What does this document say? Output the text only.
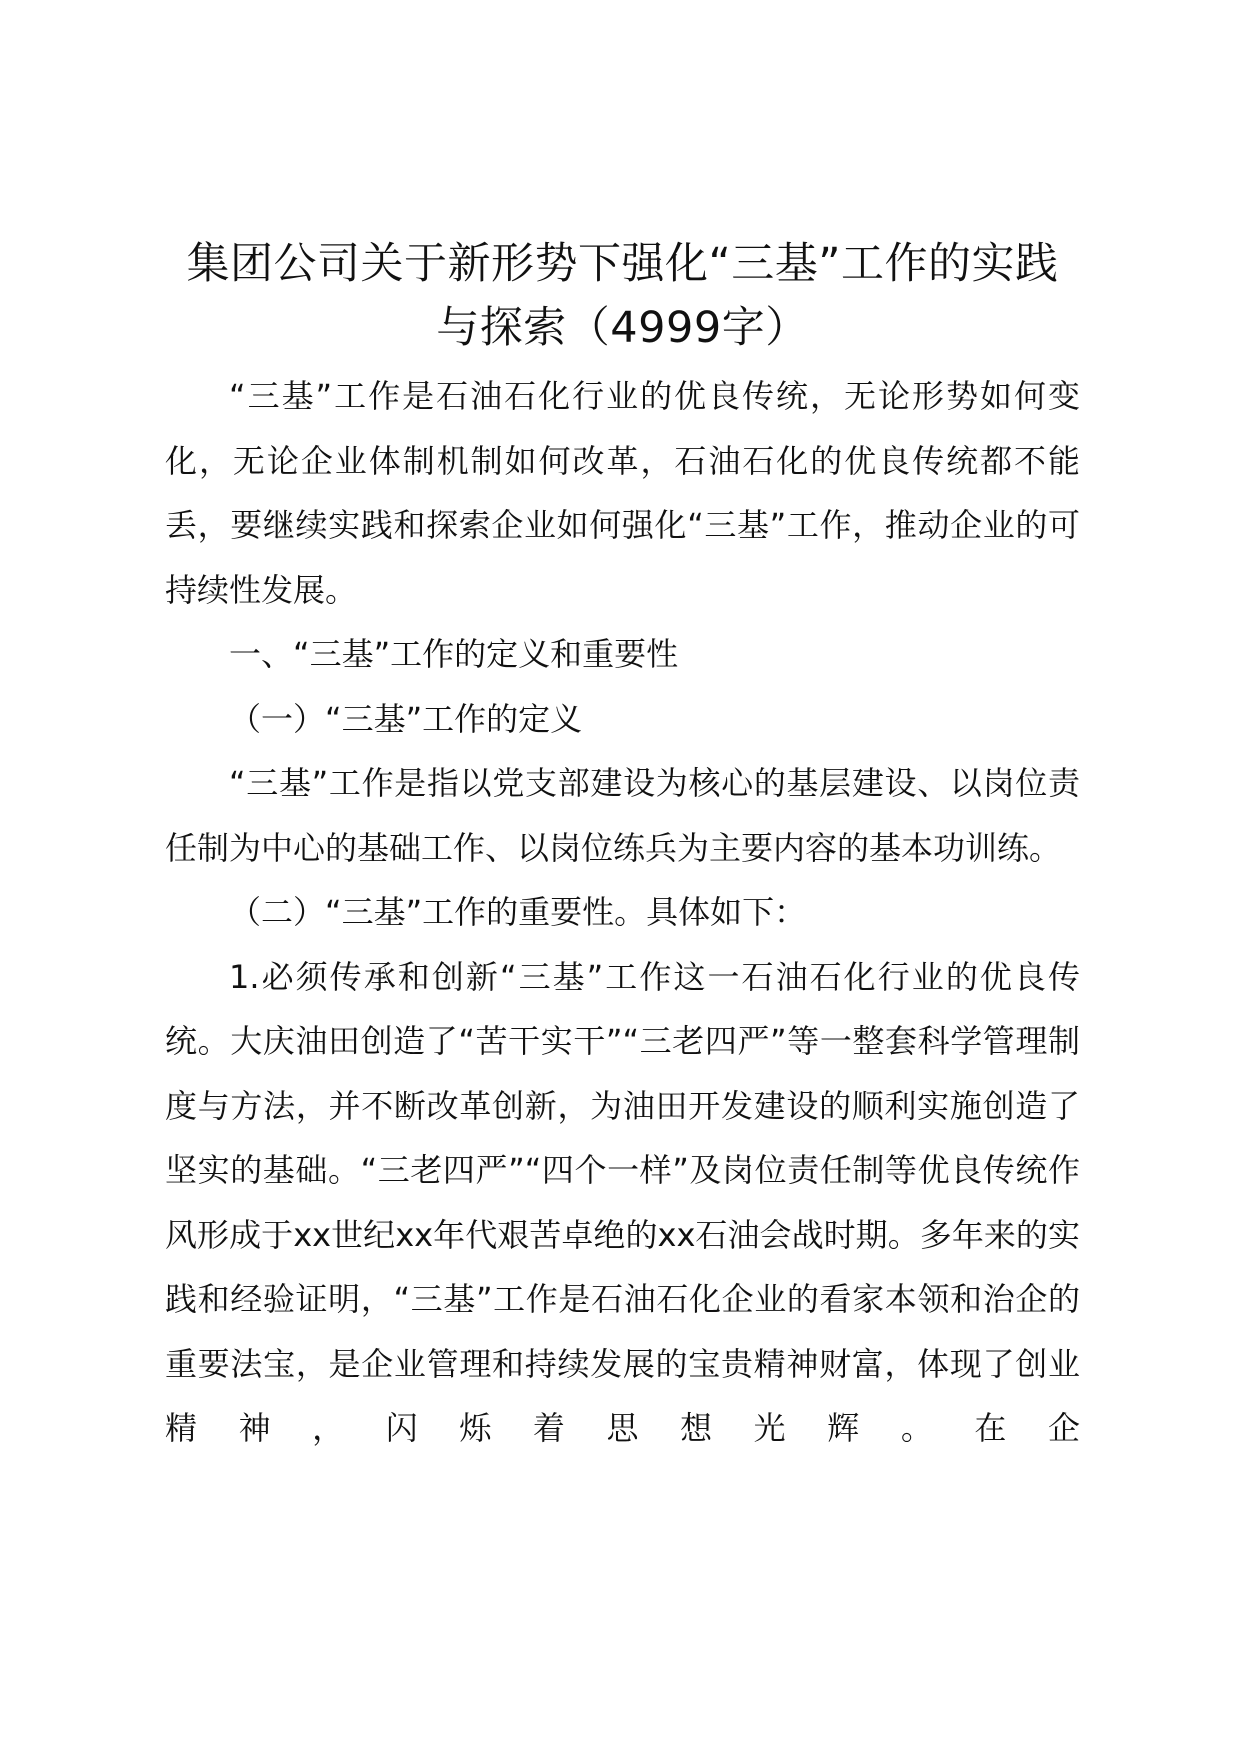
集团公司关于新形势下强化“三基”工作的实践与探索（4999字）

“三基”工作是石油石化行业的优良传统，无论形势如何变化，无论企业体制机制如何改革，石油石化的优良传统都不能丢，要继续实践和探索企业如何强化“三基”工作，推动企业的可持续性发展。

一、“三基”工作的定义和重要性

（一）“三基”工作的定义

“三基”工作是指以党支部建设为核心的基层建设、以岗位责任制为中心的基础工作、以岗位练兵为主要内容的基本功训练。

（二）“三基”工作的重要性。具体如下：

1.必须传承和创新“三基”工作这一石油石化行业的优良传统。大庆油田创造了“苦干实干”“三老四严”等一整套科学管理制度与方法，并不断改革创新，为油田开发建设的顺利实施创造了坚实的基础。“三老四严”“四个一样”及岗位责任制等优良传统作风形成于xx世纪xx年代艰苦卓绝的xx石油会战时期。多年来的实践和经验证明，“三基”工作是石油石化企业的看家本领和治企的重要法宝，是企业管理和持续发展的宝贵精神财富，体现了创业精神，闪烁着思想光辉。在企
